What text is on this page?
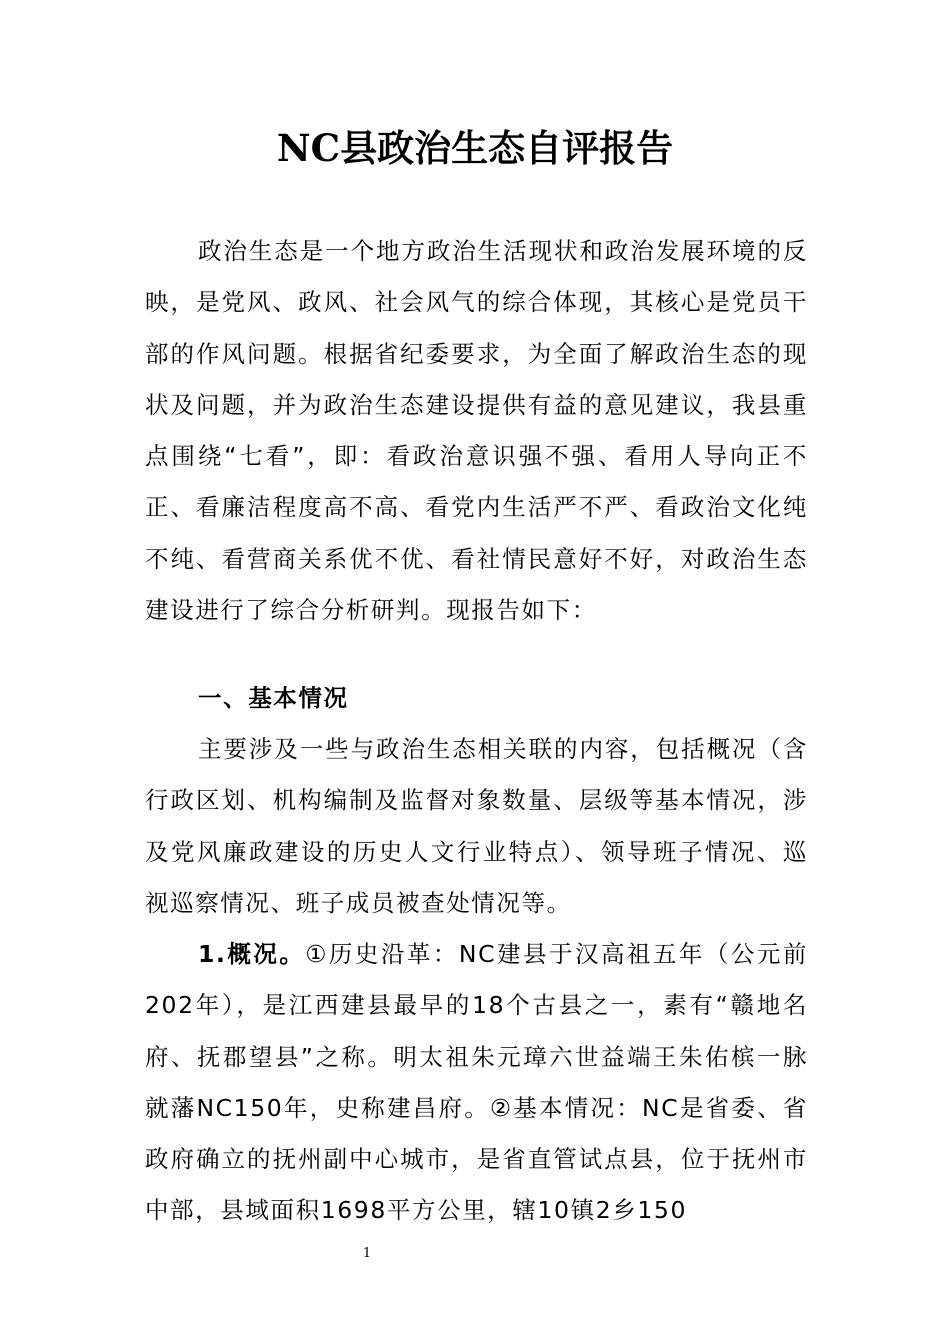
NC县政治生态自评报告

政治生态是一个地方政治生活现状和政治发展环境的反映，是党风、政风、社会风气的综合体现，其核心是党员干部的作风问题。根据省纪委要求，为全面了解政治生态的现状及问题，并为政治生态建设提供有益的意见建议，我县重点围绕“七看”，即：看政治意识强不强、看用人导向正不正、看廉洁程度高不高、看党内生活严不严、看政治文化纯不纯、看营商关系优不优、看社情民意好不好，对政治生态建设进行了综合分析研判。现报告如下：

一、基本情况

主要涉及一些与政治生态相关联的内容，包括概况（含行政区划、机构编制及监督对象数量、层级等基本情况，涉及党风廉政建设的历史人文行业特点）、领导班子情况、巡视巡察情况、班子成员被查处情况等。

1.概况。①历史沿革：NC建县于汉高祖五年（公元前202年），是江西建县最早的18个古县之一，素有“赣地名府、抚郡望县”之称。明太祖朱元璋六世益端王朱佑槟一脉就藩NC150年，史称建昌府。②基本情况：NC是省委、省政府确立的抚州副中心城市，是省直管试点县，位于抚州市中部，县域面积1698平方公里，辖10镇2乡150

1
